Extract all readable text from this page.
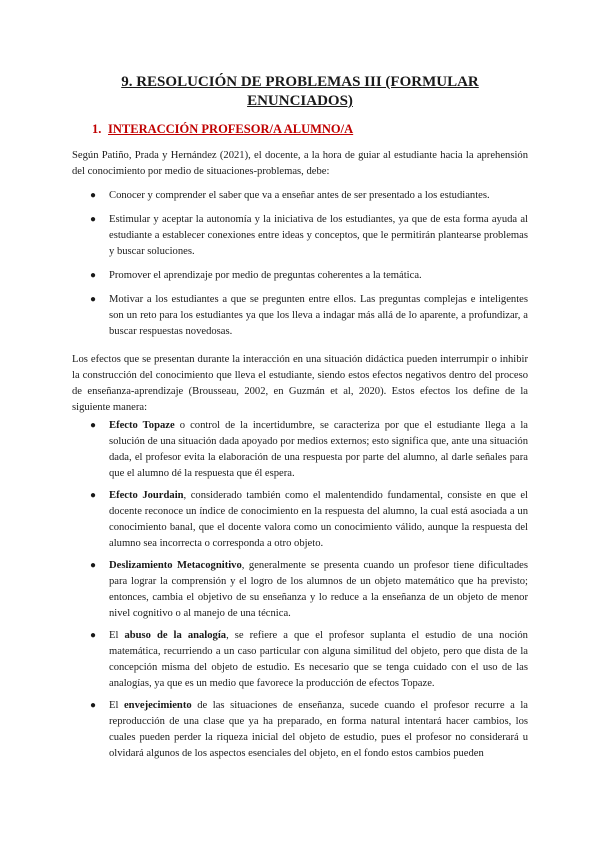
9. RESOLUCIÓN DE PROBLEMAS III (FORMULAR
ENUNCIADOS)
1. INTERACCIÓN PROFESOR/A ALUMNO/A

Según Patiño, Prada y Hernández (2021), el docente, a la hora de guiar al estudiante hacia la aprehensión del conocimiento por medio de situaciones-problemas, debe:

● Conocer y comprender el saber que va a enseñar antes de ser presentado a los estudiantes.
● Estimular y aceptar la autonomía y la iniciativa de los estudiantes, ya que de esta forma ayuda al estudiante a establecer conexiones entre ideas y conceptos, que le permitirán plantearse problemas y buscar soluciones.
● Promover el aprendizaje por medio de preguntas coherentes a la temática.
● Motivar a los estudiantes a que se pregunten entre ellos. Las preguntas complejas e inteligentes son un reto para los estudiantes ya que los lleva a indagar más allá de lo aparente, a profundizar, a buscar respuestas novedosas.

Los efectos que se presentan durante la interacción en una situación didáctica pueden interrumpir o inhibir la construcción del conocimiento que lleva el estudiante, siendo estos efectos negativos dentro del proceso de enseñanza-aprendizaje (Brousseau, 2002, en Guzmán et al, 2020). Estos efectos los define de la siguiente manera:

● Efecto Topaze o control de la incertidumbre, se caracteriza por que el estudiante llega a la solución de una situación dada apoyado por medios externos; esto significa que, ante una situación dada, el profesor evita la elaboración de una respuesta por parte del alumno, al darle señales para que el alumno dé la respuesta que él espera.
● Efecto Jourdain, considerado también como el malentendido fundamental, consiste en que el docente reconoce un índice de conocimiento en la respuesta del alumno, la cual está asociada a un conocimiento banal, que el docente valora como un conocimiento válido, aunque la respuesta del alumno sea incorrecta o corresponda a otro objeto.
● Deslizamiento Metacognitivo, generalmente se presenta cuando un profesor tiene dificultades para lograr la comprensión y el logro de los alumnos de un objeto matemático que ha previsto; entonces, cambia el objetivo de su enseñanza y lo reduce a la enseñanza de un objeto de menor nivel cognitivo o al manejo de una técnica.
● El abuso de la analogía, se refiere a que el profesor suplanta el estudio de una noción matemática, recurriendo a un caso particular con alguna similitud del objeto, pero que dista de la concepción misma del objeto de estudio. Es necesario que se tenga cuidado con el uso de las analogías, ya que es un medio que favorece la producción de efectos Topaze.
● El envejecimiento de las situaciones de enseñanza, sucede cuando el profesor recurre a la reproducción de una clase que ya ha preparado, en forma natural intentará hacer cambios, los cuales pueden perder la riqueza inicial del objeto de estudio, pues el profesor no considerará u olvidará algunos de los aspectos esenciales del objeto, en el fondo estos cambios pueden
